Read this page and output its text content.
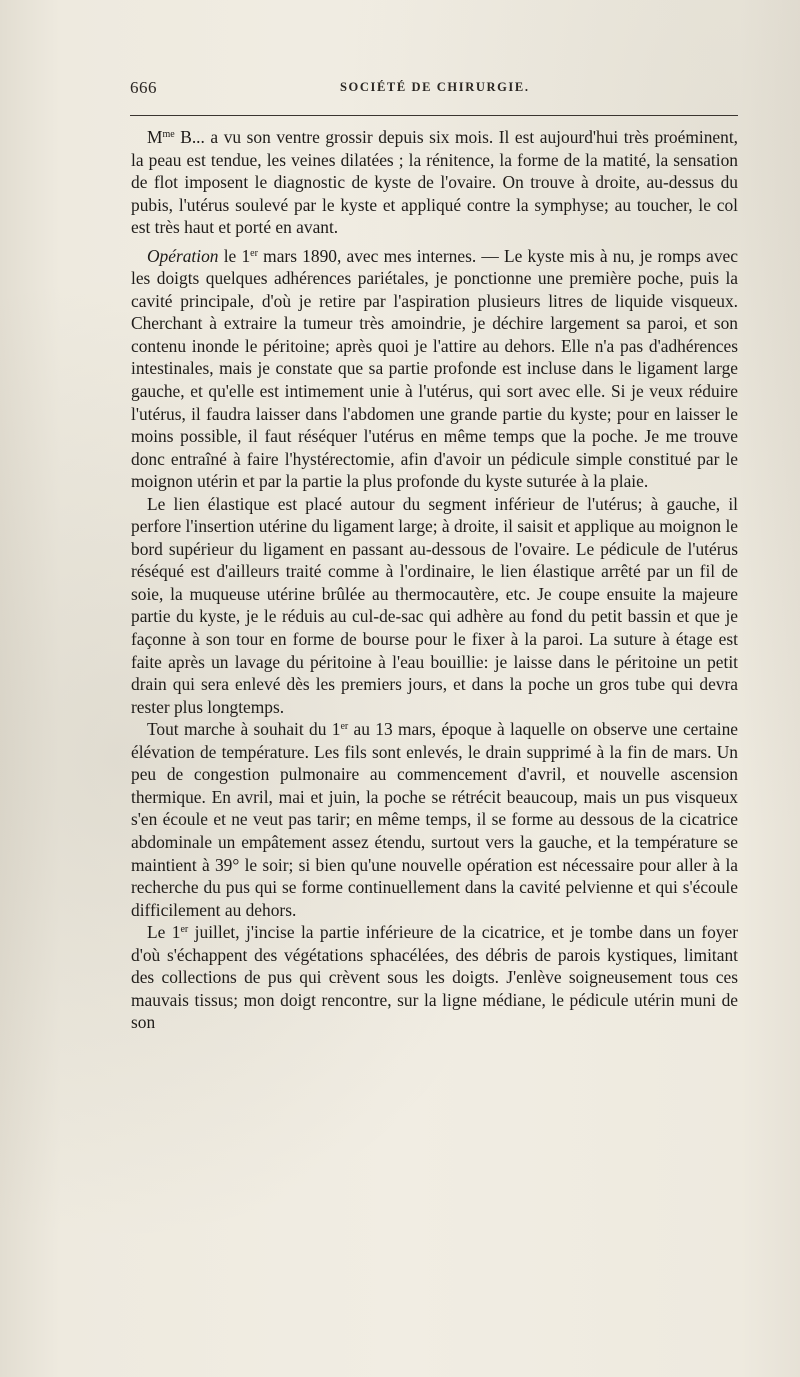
666	SOCIÉTÉ DE CHIRURGIE.

$M^{me}$ B... a vu son ventre grossir depuis six mois. Il est aujourd'hui très proéminent, la peau est tendue, les veines dilatées ; la rénitence, la forme de la matité, la sensation de flot imposent le diagnostic de kyste de l'ovaire. On trouve à droite, au-dessus du pubis, l'utérus soulevé par le kyste et appliqué contre la symphyse; au toucher, le col est très haut et porté en avant.

Opération le 1er mars 1890, avec mes internes. — Le kyste mis à nu, je romps avec les doigts quelques adhérences pariétales, je ponctionne une première poche, puis la cavité principale, d'où je retire par l'aspiration plusieurs litres de liquide visqueux. Cherchant à extraire la tumeur très amoindrie, je déchire largement sa paroi, et son contenu inonde le péritoine; après quoi je l'attire au dehors. Elle n'a pas d'adhérences intestinales, mais je constate que sa partie profonde est incluse dans le ligament large gauche, et qu'elle est intimement unie à l'utérus, qui sort avec elle. Si je veux réduire l'utérus, il faudra laisser dans l'abdomen une grande partie du kyste; pour en laisser le moins possible, il faut réséquer l'utérus en même temps que la poche. Je me trouve donc entraîné à faire l'hystérectomie, afin d'avoir un pédicule simple constitué par le moignon utérin et par la partie la plus profonde du kyste suturée à la plaie.

Le lien élastique est placé autour du segment inférieur de l'utérus; à gauche, il perfore l'insertion utérine du ligament large; à droite, il saisit et applique au moignon le bord supérieur du ligament en passant au-dessous de l'ovaire. Le pédicule de l'utérus réséqué est d'ailleurs traité comme à l'ordinaire, le lien élastique arrêté par un fil de soie, la muqueuse utérine brûlée au thermocautère, etc. Je coupe ensuite la majeure partie du kyste, je le réduis au cul-de-sac qui adhère au fond du petit bassin et que je façonne à son tour en forme de bourse pour le fixer à la paroi. La suture à étage est faite après un lavage du péritoine à l'eau bouillie: je laisse dans le péritoine un petit drain qui sera enlevé dès les premiers jours, et dans la poche un gros tube qui devra rester plus longtemps.

Tout marche à souhait du 1er au 13 mars, époque à laquelle on observe une certaine élévation de température. Les fils sont enlevés, le drain supprimé à la fin de mars. Un peu de congestion pulmonaire au commencement d'avril, et nouvelle ascension thermique. En avril, mai et juin, la poche se rétrécit beaucoup, mais un pus visqueux s'en écoule et ne veut pas tarir; en même temps, il se forme au dessous de la cicatrice abdominale un empâtement assez étendu, surtout vers la gauche, et la température se maintient à 39° le soir; si bien qu'une nouvelle opération est nécessaire pour aller à la recherche du pus qui se forme continuellement dans la cavité pelvienne et qui s'écoule difficilement au dehors.

Le 1er juillet, j'incise la partie inférieure de la cicatrice, et je tombe dans un foyer d'où s'échappent des végétations sphacélées, des débris de parois kystiques, limitant des collections de pus qui crèvent sous les doigts. J'enlève soigneusement tous ces mauvais tissus; mon doigt rencontre, sur la ligne médiane, le pédicule utérin muni de son
